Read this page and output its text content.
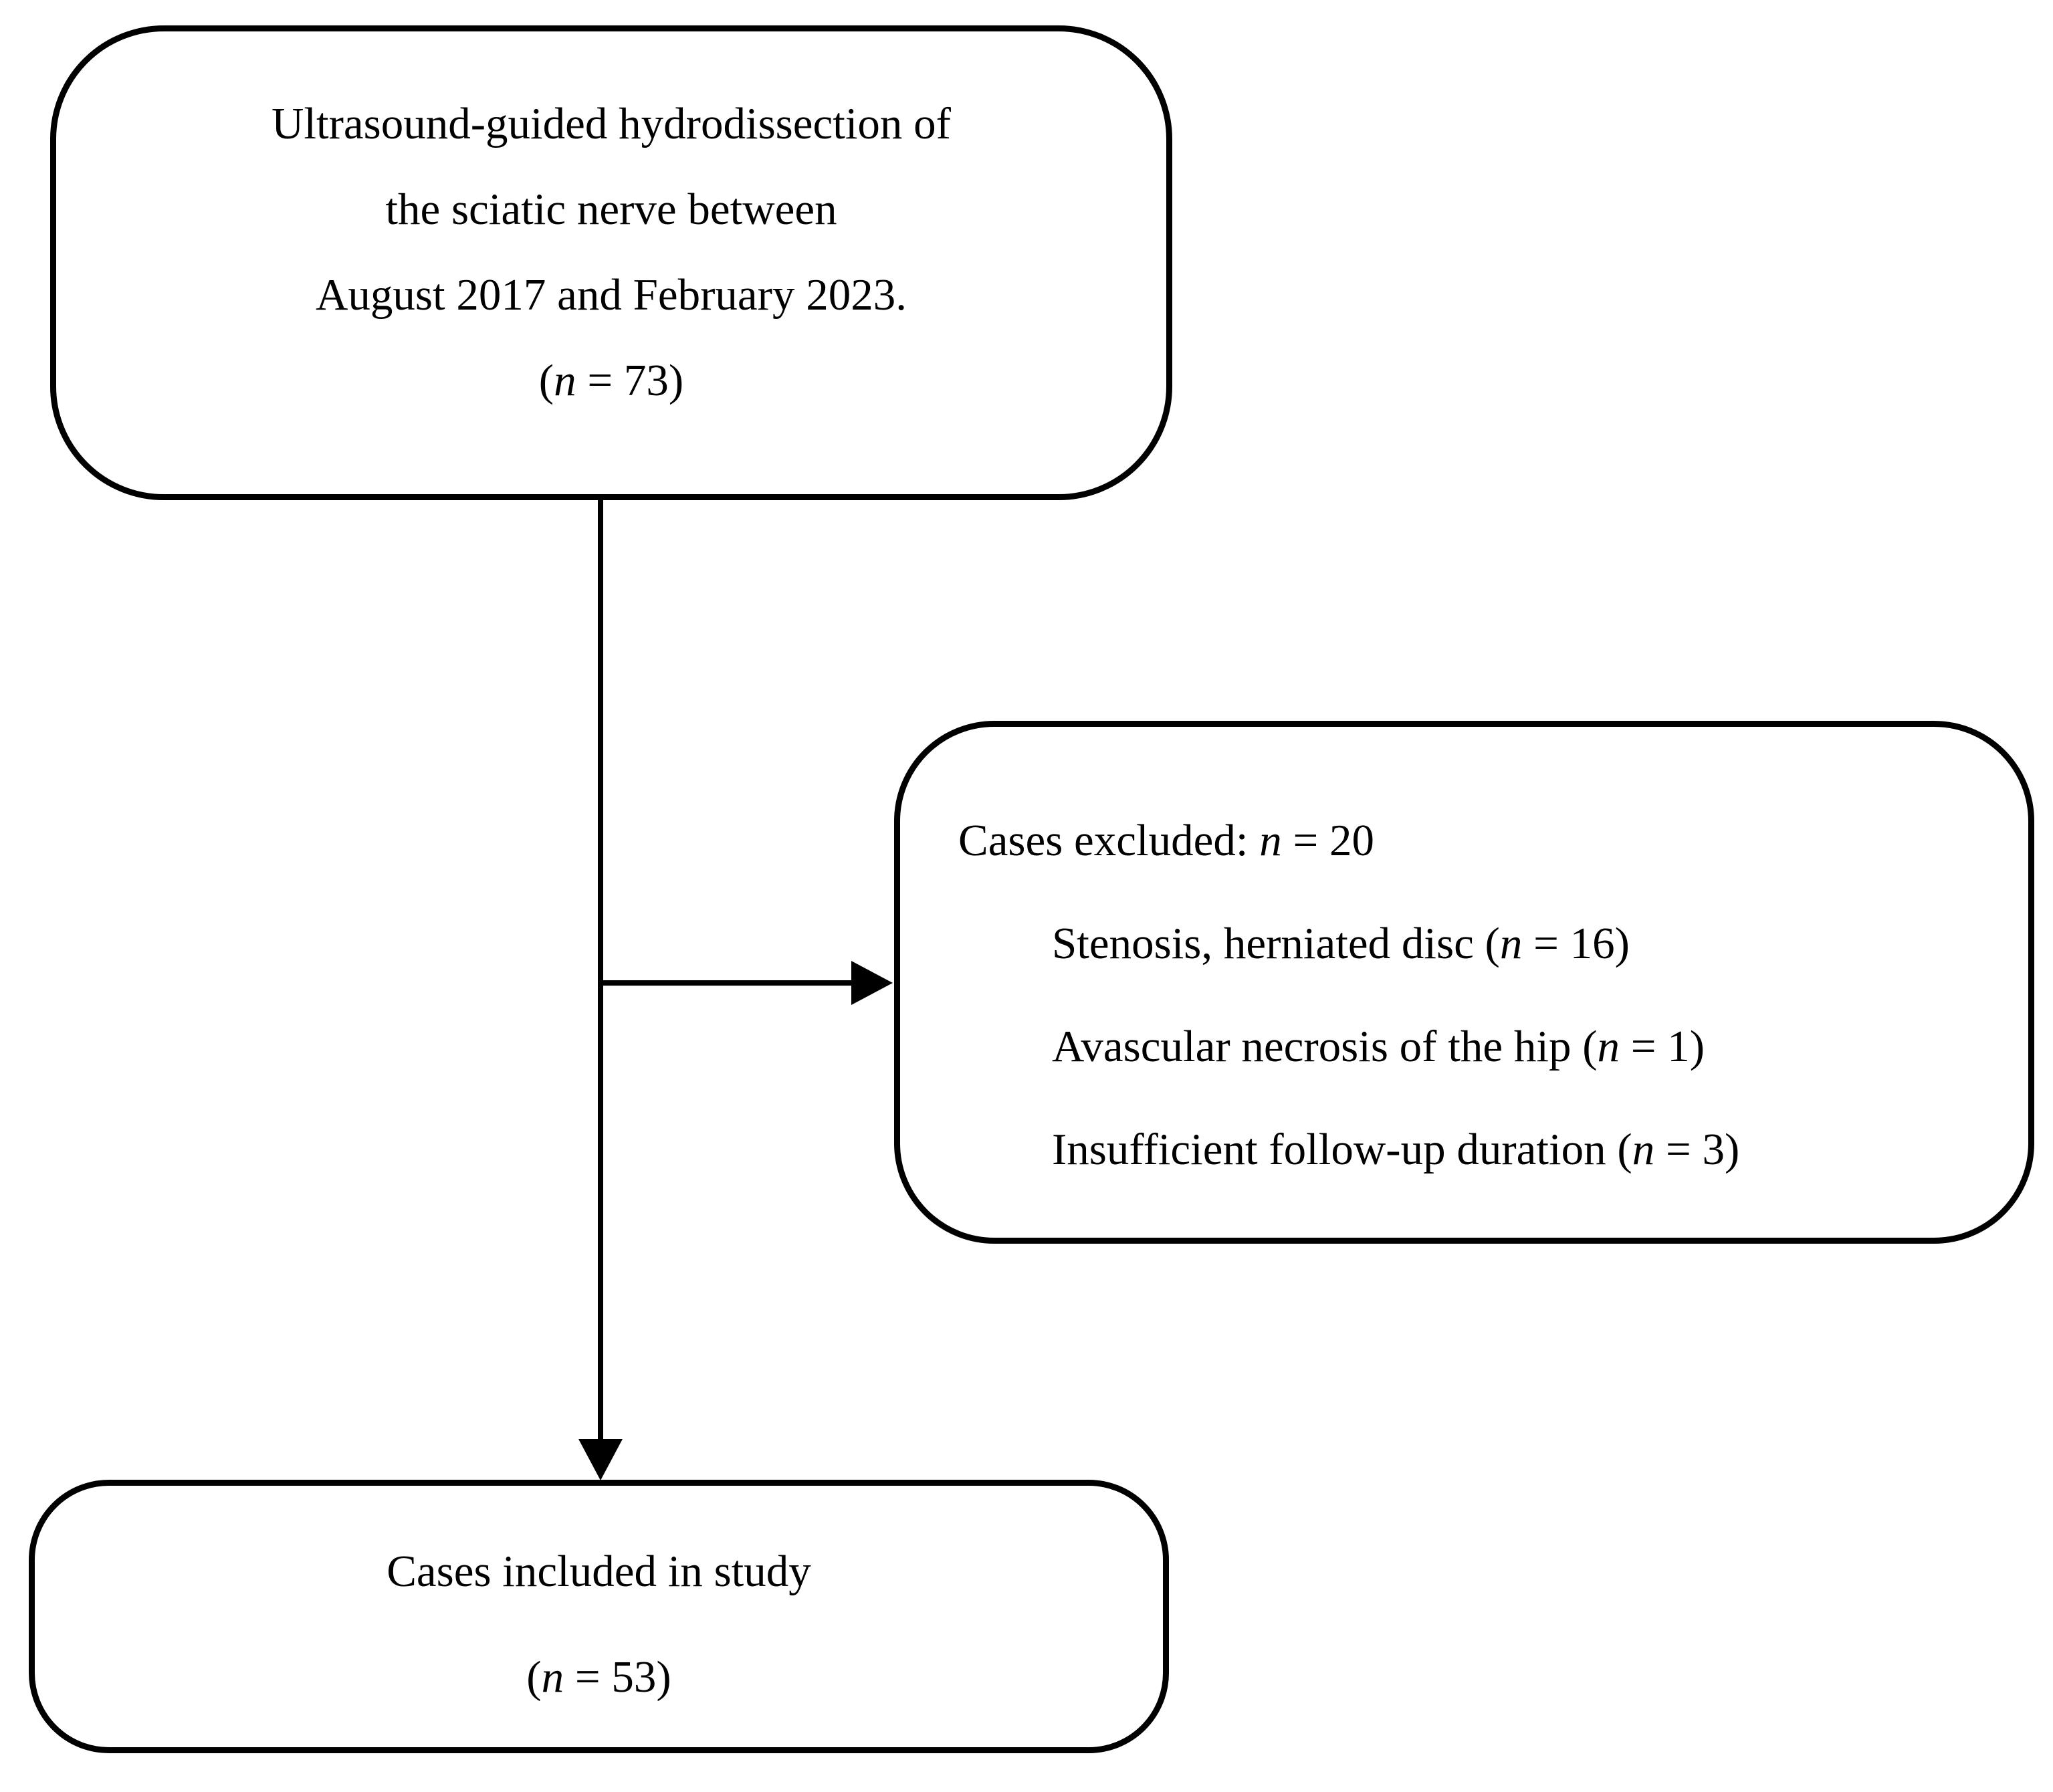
Ultrasound-guided hydrodissection of
the sciatic nerve between
August 2017 and February 2023.
(n = 73)
Cases excluded: n = 20
Stenosis, herniated disc (n = 16)
Avascular necrosis of the hip (n = 1)
Insufficient follow-up duration (n = 3)
Cases included in study
(n = 53)
